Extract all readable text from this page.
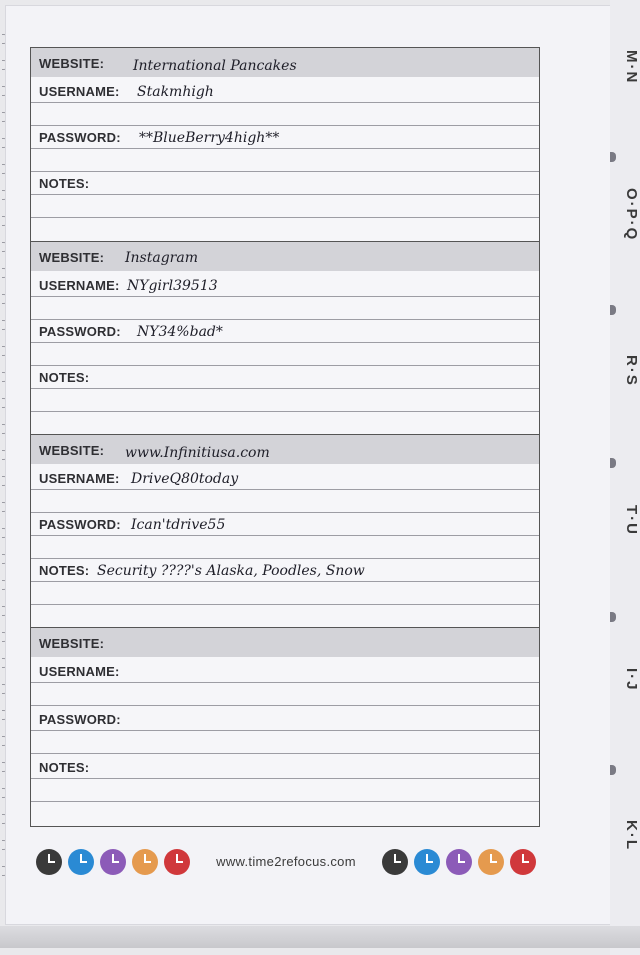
M·N
O·P·Q
R·S
T·U
I·J
K·L
WEBSITE: International Pancakes
USERNAME: Stakmhigh
PASSWORD: **BlueBerry4high**
NOTES:
WEBSITE: Instagram
USERNAME: NYgirl39513
PASSWORD: NY34%bad*
NOTES:
WEBSITE: www.Infinitiusa.com
USERNAME: DriveQ80today
PASSWORD: Ican'tdrive55
NOTES: Security ????'s Alaska, Poodles, Snow
WEBSITE:
USERNAME:
PASSWORD:
NOTES:
www.time2refocus.com
